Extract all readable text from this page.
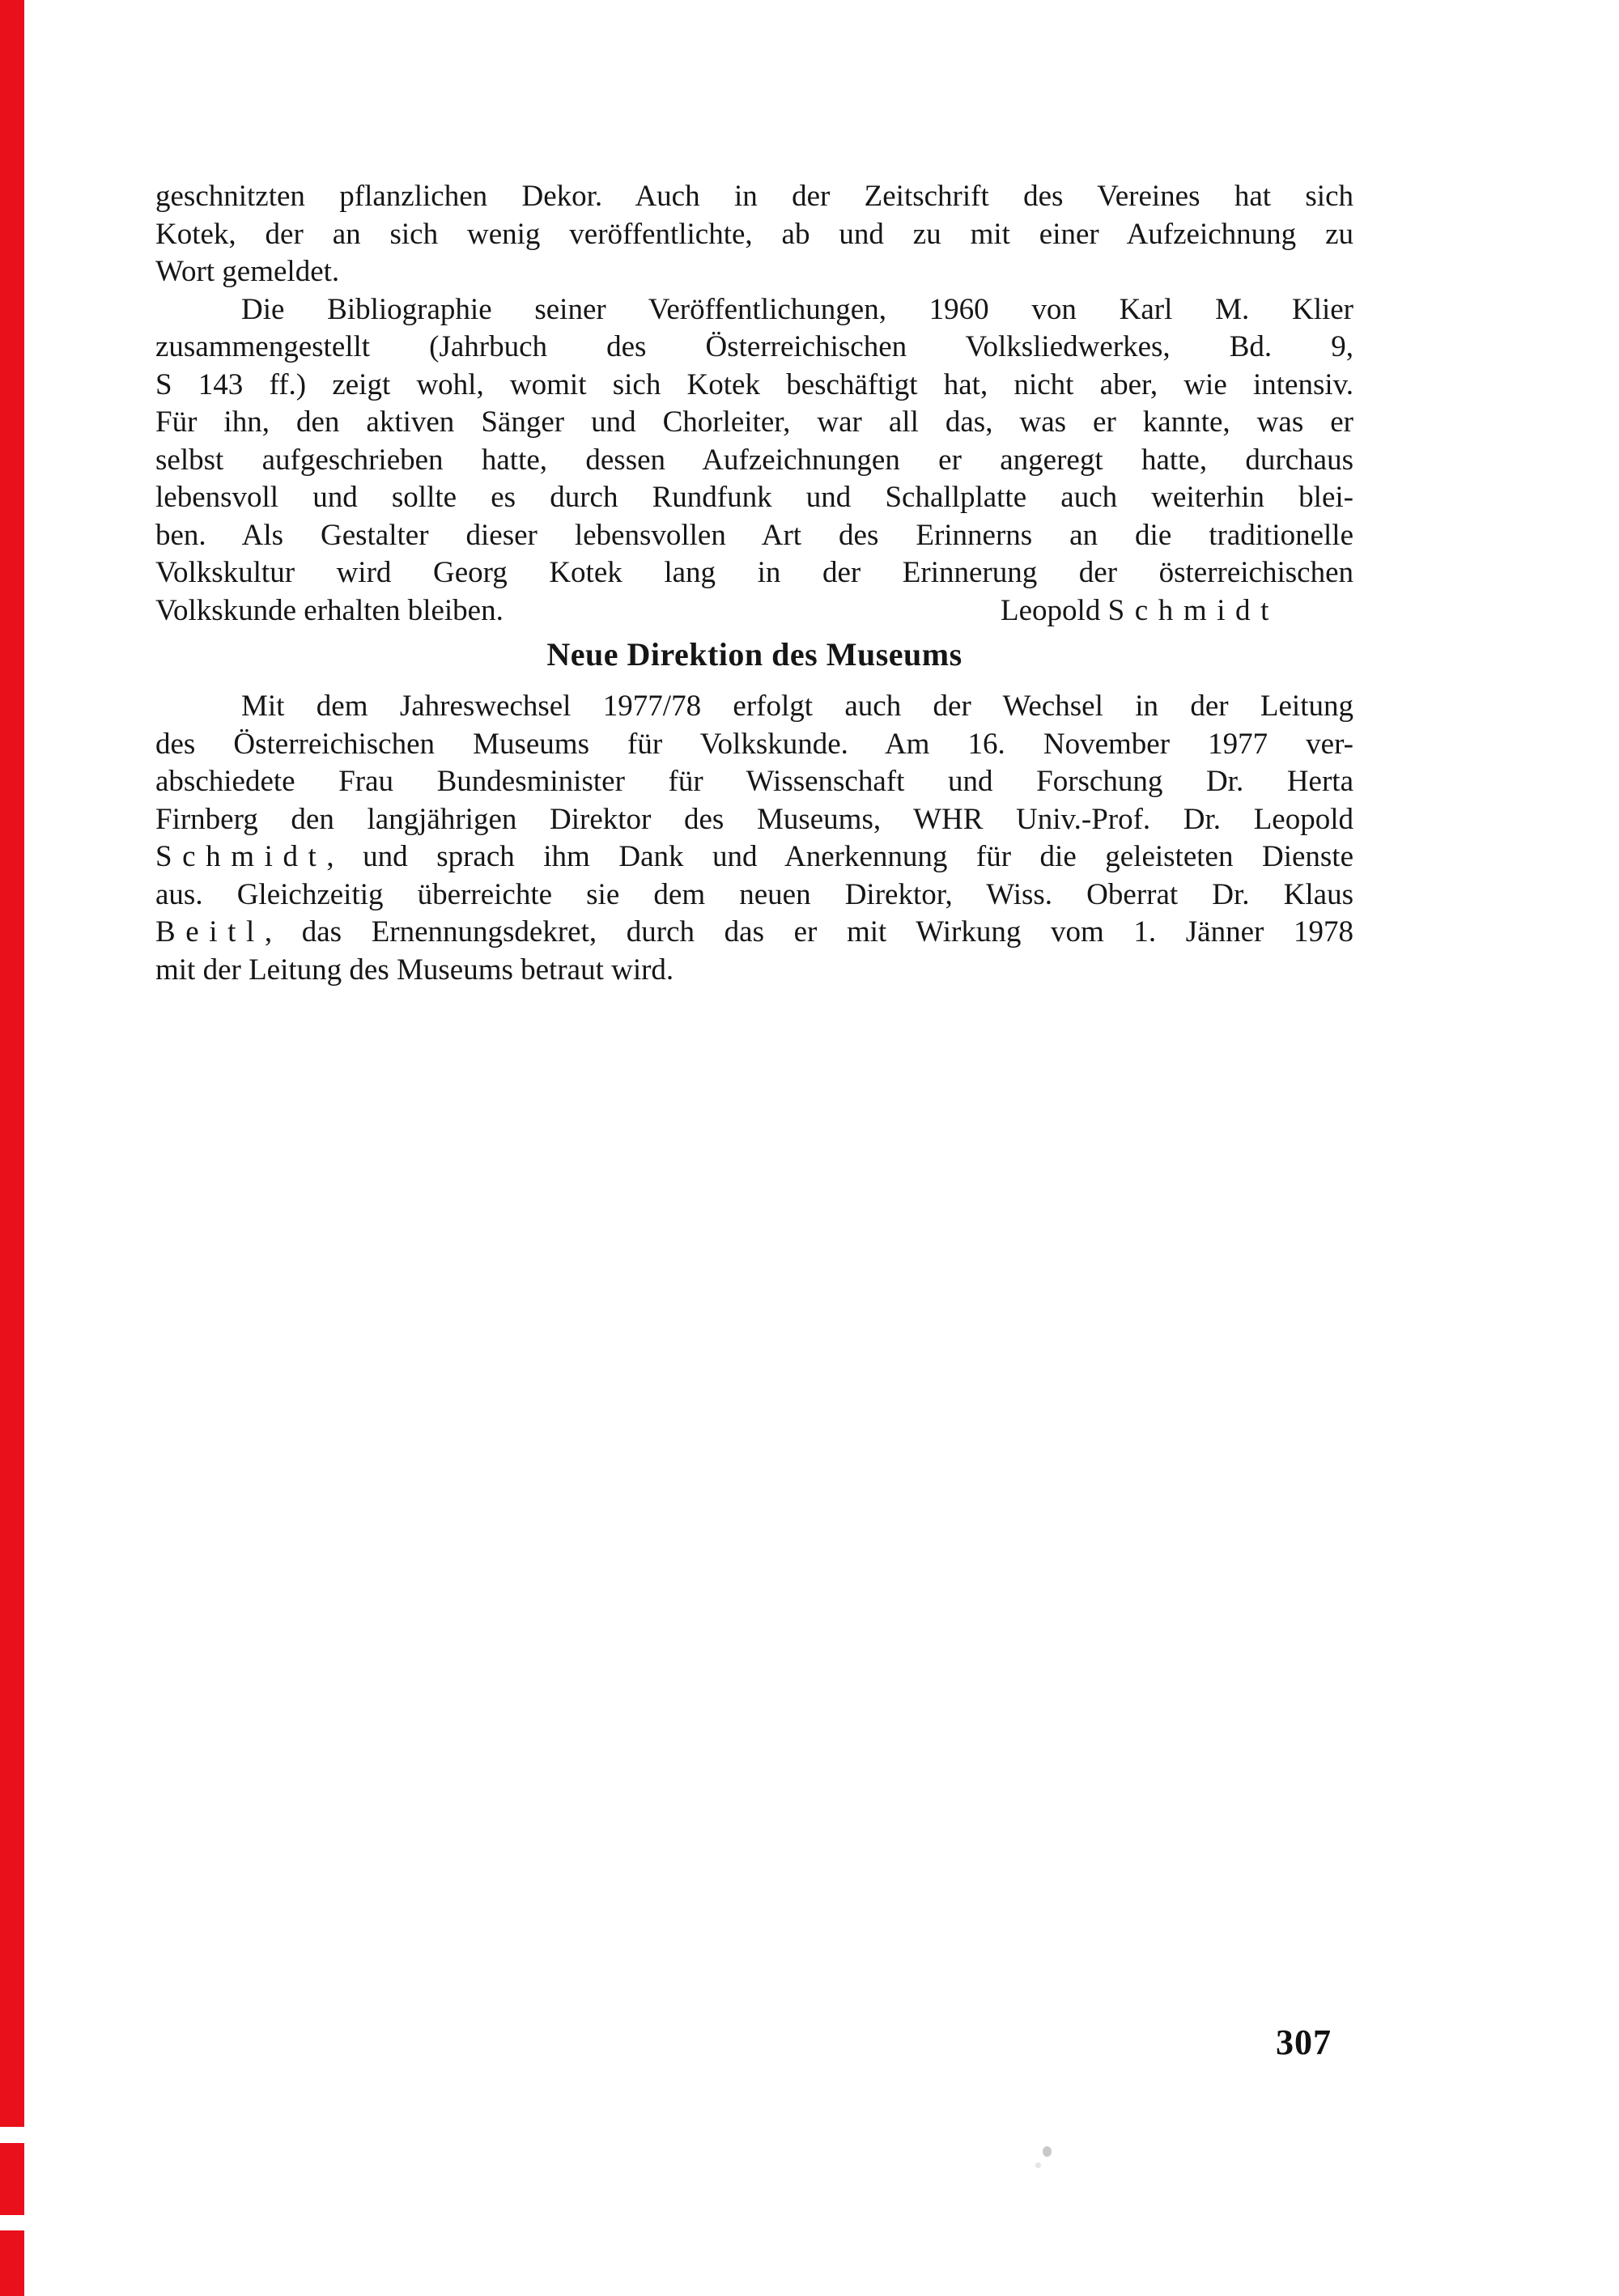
geschnitzten pflanzlichen Dekor. Auch in der Zeitschrift des Vereines hat sich
Kotek, der an sich wenig veröffentlichte, ab und zu mit einer Aufzeichnung zu
Wort gemeldet.
Die Bibliographie seiner Veröffentlichungen, 1960 von Karl M. Klier
zusammengestellt (Jahrbuch des Österreichischen Volksliedwerkes, Bd. 9,
S 143 ff.) zeigt wohl, womit sich Kotek beschäftigt hat, nicht aber, wie intensiv.
Für ihn, den aktiven Sänger und Chorleiter, war all das, was er kannte, was er
selbst aufgeschrieben hatte, dessen Aufzeichnungen er angeregt hatte, durchaus
lebensvoll und sollte es durch Rundfunk und Schallplatte auch weiterhin blei-
ben. Als Gestalter dieser lebensvollen Art des Erinnerns an die traditionelle
Volkskultur wird Georg Kotek lang in der Erinnerung der österreichischen
Volkskunde erhalten bleiben.	Leopold Schmidt
Neue Direktion des Museums
Mit dem Jahreswechsel 1977/78 erfolgt auch der Wechsel in der Leitung
des Österreichischen Museums für Volkskunde. Am 16. November 1977 ver-
abschiedete Frau Bundesminister für Wissenschaft und Forschung Dr. Herta
Firnberg den langjährigen Direktor des Museums, WHR Univ.-Prof. Dr. Leopold
Schmidt, und sprach ihm Dank und Anerkennung für die geleisteten Dienste
aus. Gleichzeitig überreichte sie dem neuen Direktor, Wiss. Oberrat Dr. Klaus
Beitl, das Ernennungsdekret, durch das er mit Wirkung vom 1. Jänner 1978
mit der Leitung des Museums betraut wird.
307
